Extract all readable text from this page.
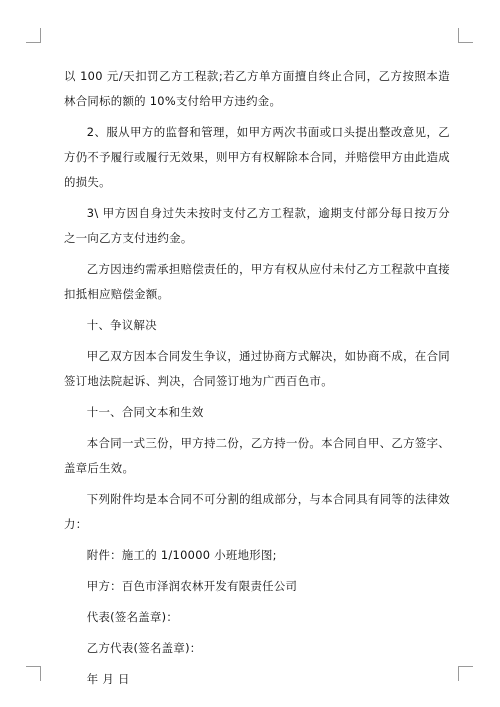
以 100 元/天扣罚乙方工程款;若乙方单方面擅自终止合同，乙方按照本造林合同标的额的 10%支付给甲方违约金。

2、服从甲方的监督和管理，如甲方两次书面或口头提出整改意见，乙方仍不予履行或履行无效果，则甲方有权解除本合同，并赔偿甲方由此造成的损失。

3\ 甲方因自身过失未按时支付乙方工程款，逾期支付部分每日按万分之一向乙方支付违约金。

乙方因违约需承担赔偿责任的，甲方有权从应付未付乙方工程款中直接扣抵相应赔偿金额。

十、争议解决

甲乙双方因本合同发生争议，通过协商方式解决，如协商不成，在合同签订地法院起诉、判决，合同签订地为广西百色市。

十一、合同文本和生效

本合同一式三份，甲方持二份，乙方持一份。本合同自甲、乙方签字、盖章后生效。

下列附件均是本合同不可分割的组成部分，与本合同具有同等的法律效力：

附件：施工的 1/10000 小班地形图;

甲方：百色市泽润农林开发有限责任公司

代表(签名盖章)：

乙方代表(签名盖章)：

年 月 日
